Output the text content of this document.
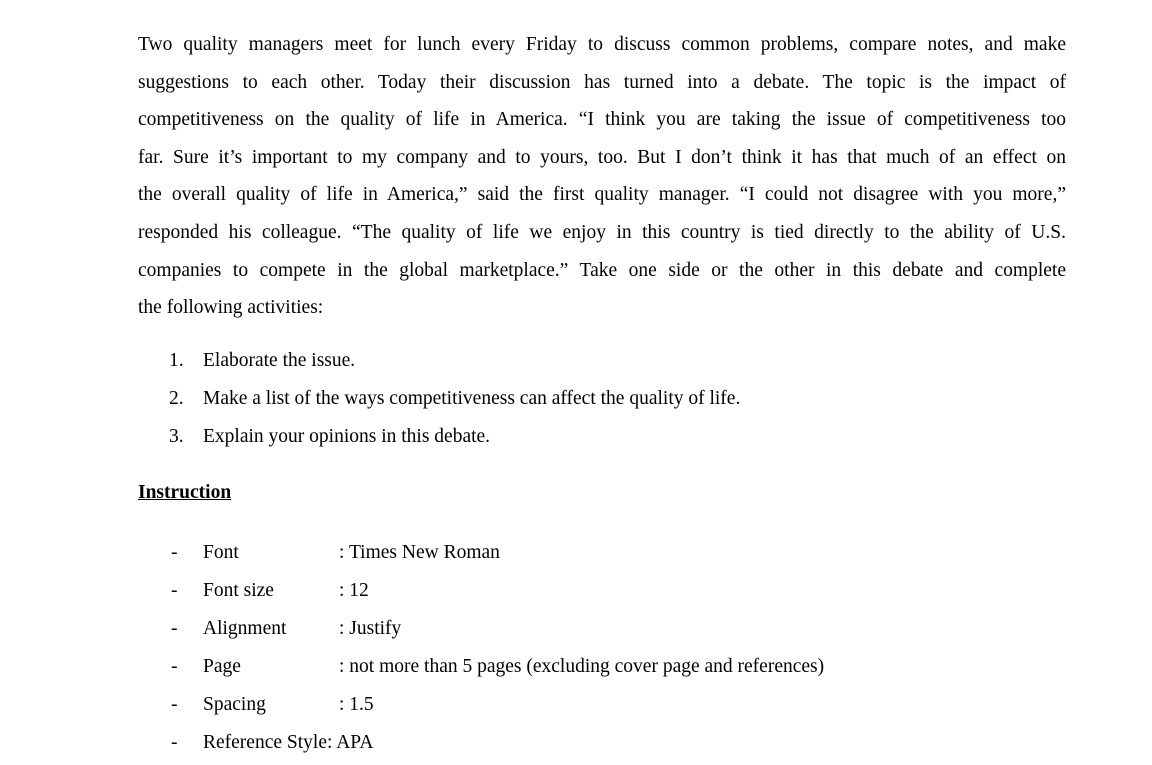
Two quality managers meet for lunch every Friday to discuss common problems, compare notes, and make
suggestions to each other. Today their discussion has turned into a debate. The topic is the impact of
competitiveness on the quality of life in America. “I think you are taking the issue of competitiveness too
far. Sure it’s important to my company and to yours, too. But I don’t think it has that much of an effect on
the overall quality of life in America,” said the first quality manager. “I could not disagree with you more,”
responded his colleague. “The quality of life we enjoy in this country is tied directly to the ability of U.S.
companies to compete in the global marketplace.” Take one side or the other in this debate and complete
the following activities:

1. Elaborate the issue.
2. Make a list of the ways competitiveness can affect the quality of life.
3. Explain your opinions in this debate.
Instruction
- Font	: Times New Roman
- Font size	: 12
- Alignment	: Justify
- Page	: not more than 5 pages (excluding cover page and references)
- Spacing	: 1.5
- Reference Style: APA
